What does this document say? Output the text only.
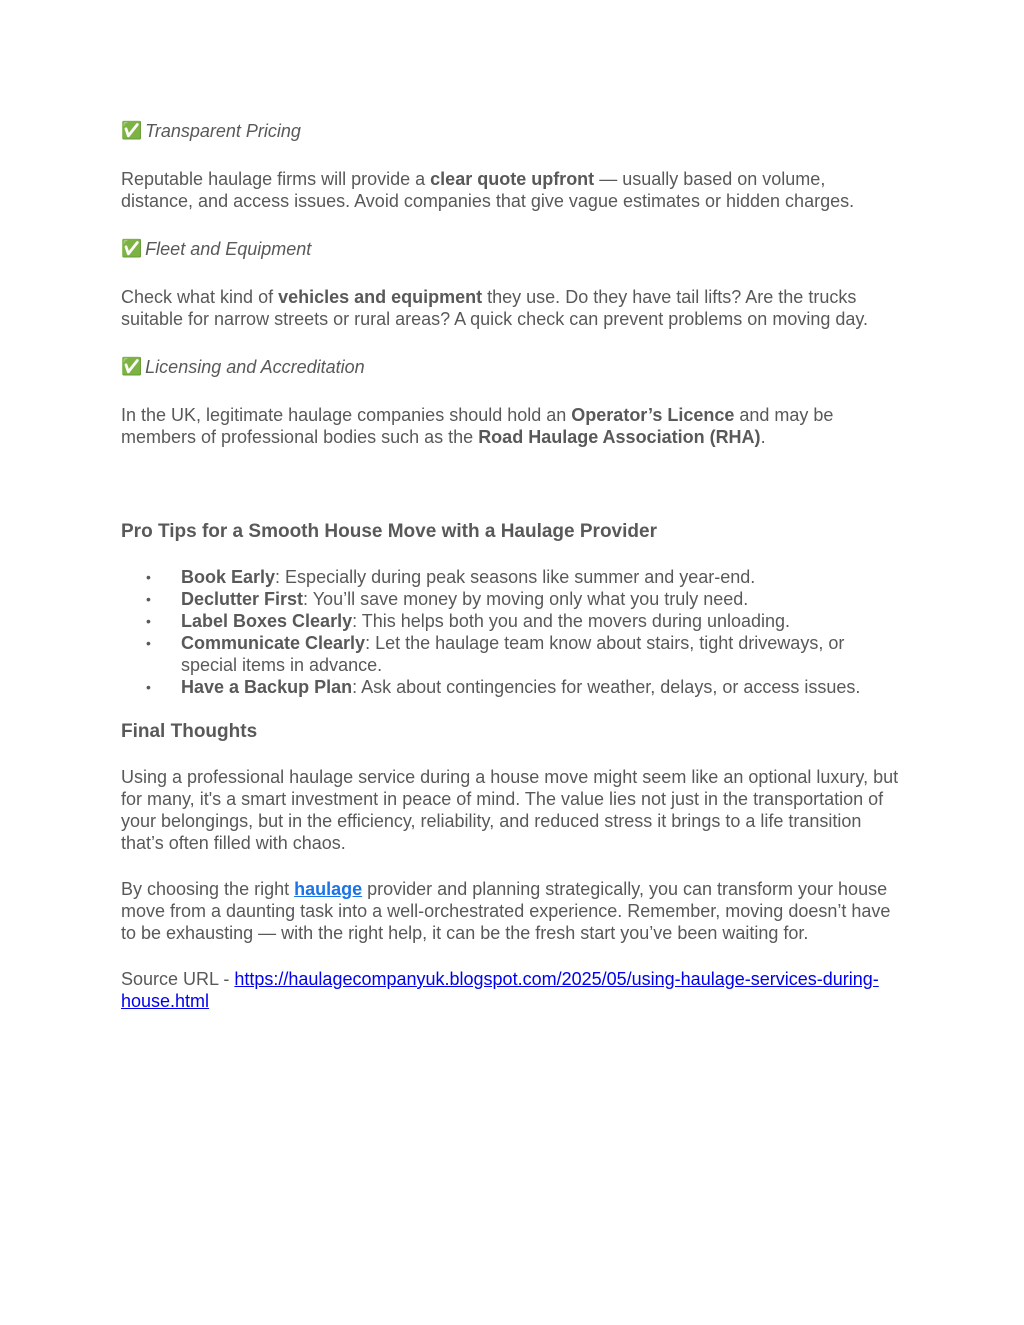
✅ Transparent Pricing

Reputable haulage firms will provide a clear quote upfront — usually based on volume, distance, and access issues. Avoid companies that give vague estimates or hidden charges.

✅ Fleet and Equipment

Check what kind of vehicles and equipment they use. Do they have tail lifts? Are the trucks suitable for narrow streets or rural areas? A quick check can prevent problems on moving day.

✅ Licensing and Accreditation

In the UK, legitimate haulage companies should hold an Operator’s Licence and may be members of professional bodies such as the Road Haulage Association (RHA).

Pro Tips for a Smooth House Move with a Haulage Provider
• Book Early: Especially during peak seasons like summer and year-end.
• Declutter First: You’ll save money by moving only what you truly need.
• Label Boxes Clearly: This helps both you and the movers during unloading.
• Communicate Clearly: Let the haulage team know about stairs, tight driveways, or special items in advance.
• Have a Backup Plan: Ask about contingencies for weather, delays, or access issues.
Final Thoughts

Using a professional haulage service during a house move might seem like an optional luxury, but for many, it's a smart investment in peace of mind. The value lies not just in the transportation of your belongings, but in the efficiency, reliability, and reduced stress it brings to a life transition that’s often filled with chaos.

By choosing the right haulage provider and planning strategically, you can transform your house move from a daunting task into a well-orchestrated experience. Remember, moving doesn’t have to be exhausting — with the right help, it can be the fresh start you’ve been waiting for.

Source URL - https://haulagecompanyuk.blogspot.com/2025/05/using-haulage-services-during-house.html
